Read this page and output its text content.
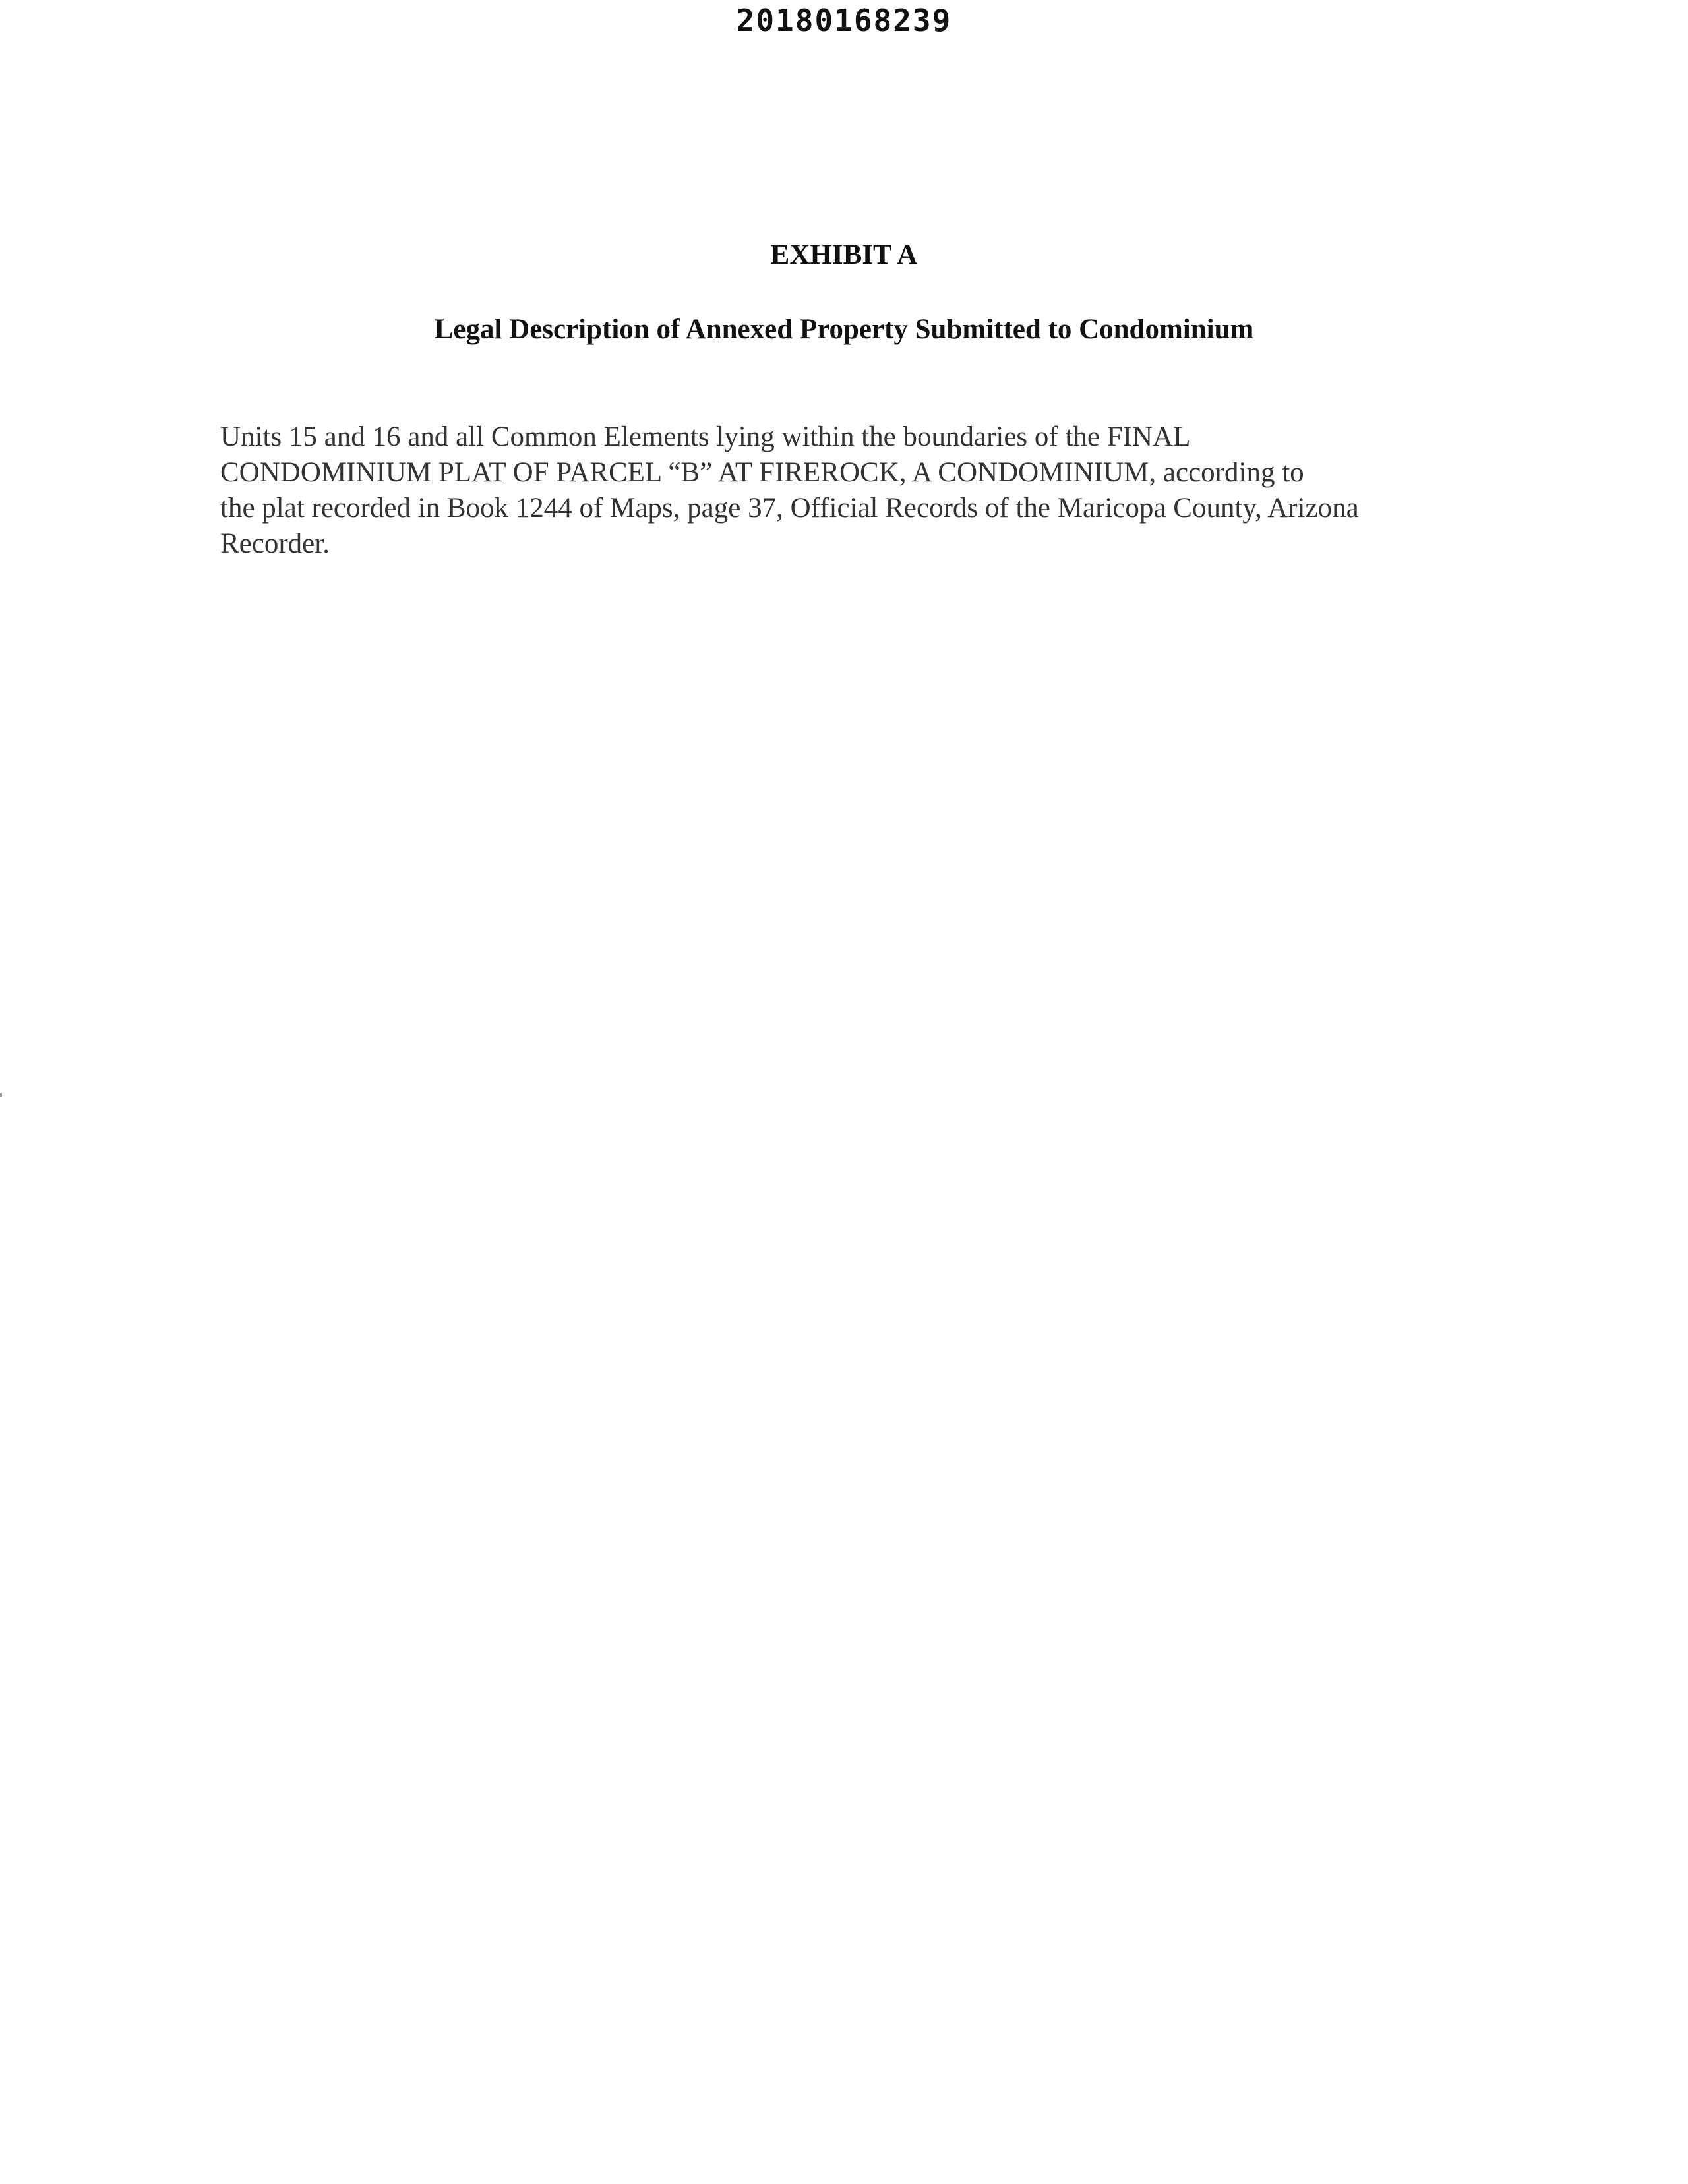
20180168239
EXHIBIT A
Legal Description of Annexed Property Submitted to Condominium
Units 15 and 16 and all Common Elements lying within the boundaries of the FINAL
CONDOMINIUM PLAT OF PARCEL “B” AT FIREROCK, A CONDOMINIUM, according to
the plat recorded in Book 1244 of Maps, page 37, Official Records of the Maricopa County, Arizona
Recorder.
